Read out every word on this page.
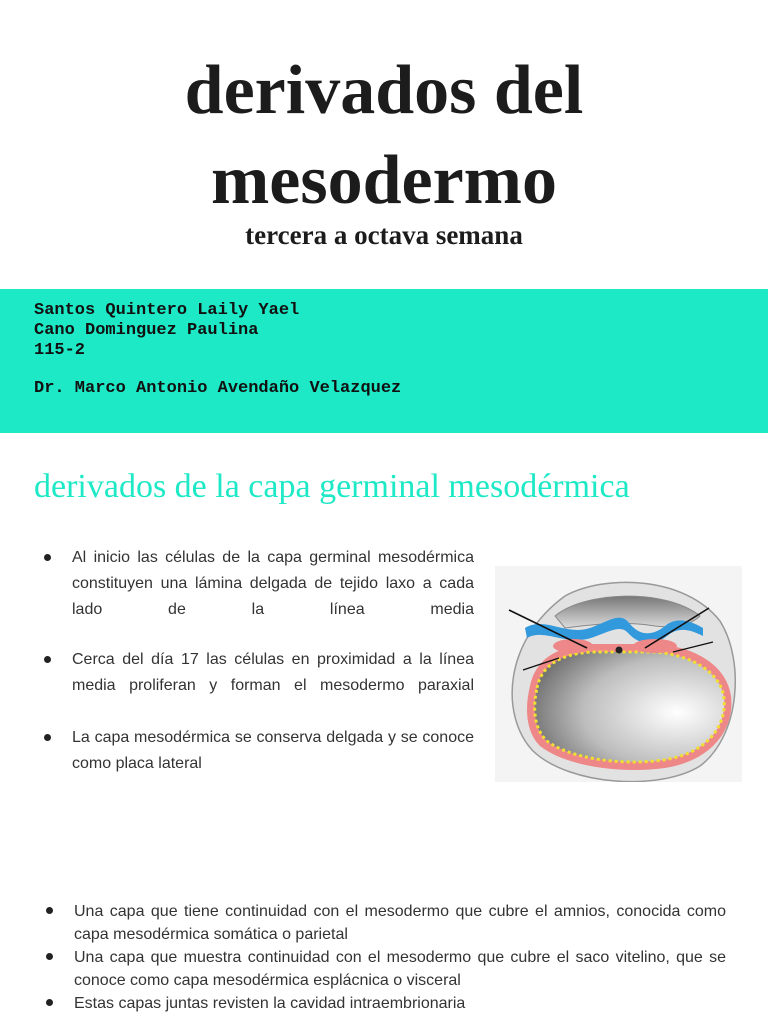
derivados del
mesodermo

tercera a octava semana

Santos Quintero Laily Yael
Cano Dominguez Paulina
115-2
Dr. Marco Antonio Avendaño Velazquez
derivados de la capa germinal mesodérmica
Al inicio las células de la capa germinal mesodérmica constituyen una lámina delgada de tejido laxo a cada lado de la línea media
Cerca del día 17 las células en proximidad a la línea media proliferan y forman el mesodermo paraxial
La capa mesodérmica se conserva delgada y se conoce como placa lateral
Una capa que tiene continuidad con el mesodermo que cubre el amnios, conocida como capa mesodérmica somática o parietal
Una capa que muestra continuidad con el mesodermo que cubre el saco vitelino, que se conoce como capa mesodérmica esplácnica o visceral
Estas capas juntas revisten la cavidad intraembrionaria
